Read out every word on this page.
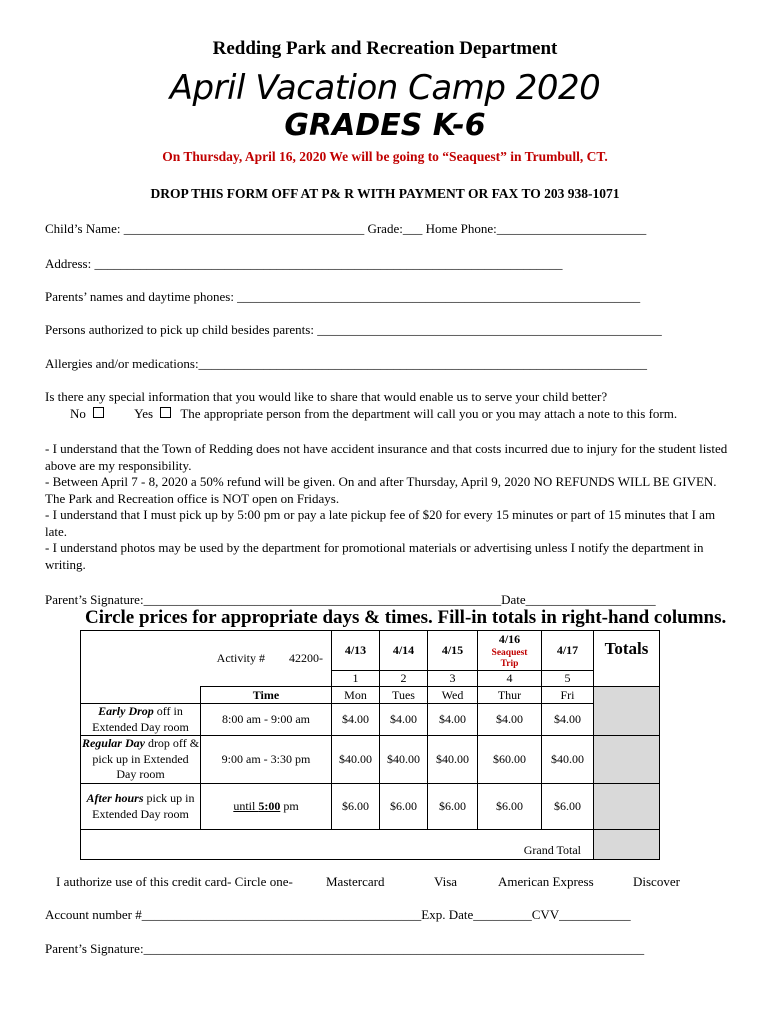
Redding Park and Recreation Department
April Vacation Camp 2020
GRADES K-6
On Thursday, April 16, 2020 We will be going to “Seaquest” in Trumbull, CT.
DROP THIS FORM OFF AT P& R WITH PAYMENT OR FAX TO 203 938-1071
Child’s Name: _____________________________________ Grade:___ Home Phone:_______________________
Address: ________________________________________________________________________
Parents’ names and daytime phones: ______________________________________________________________
Persons authorized to pick up child besides parents: _____________________________________________________
Allergies and/or medications:_____________________________________________________________________
Is there any special information that you would like to share that would enable us to serve your child better?
No	Yes The appropriate person from the department will call you or you may attach a note to this form.
- I understand that the Town of Redding does not have accident insurance and that costs incurred due to injury for the student listed above are my responsibility.
- Between April 7 - 8, 2020 a 50% refund will be given. On and after Thursday, April 9, 2020 NO REFUNDS WILL BE GIVEN. The Park and Recreation office is NOT open on Fridays.
- I understand that I must pick up by 5:00 pm or pay a late pickup fee of $20 for every 15 minutes or part of 15 minutes that I am late.
- I understand photos may be used by the department for promotional materials or advertising unless I notify the department in writing.
Parent’s Signature:_______________________________________________________Date____________________
Circle prices for appropriate days & times. Fill-in totals in right-hand columns.
	Activity # 42200-	4/13	4/14	4/15	4/16
Seaquest Trip	4/17	Totals
		1	2	3	4	5	
	Time	Mon	Tues	Wed	Thur	Fri	
Early Drop off in Extended Day room	8:00 am - 9:00 am	$4.00	$4.00	$4.00	$4.00	$4.00	
Regular Day drop off & pick up in Extended Day room	9:00 am - 3:30 pm	$40.00	$40.00	$40.00	$60.00	$40.00	
After hours pick up in Extended Day room	until 5:00 pm	$6.00	$6.00	$6.00	$6.00	$6.00	
Grand Total							
I authorize use of this credit card- Circle one-	Mastercard	Visa	American Express	Discover
Account number #___________________________________________Exp. Date_________CVV___________
Parent’s Signature:_____________________________________________________________________________
